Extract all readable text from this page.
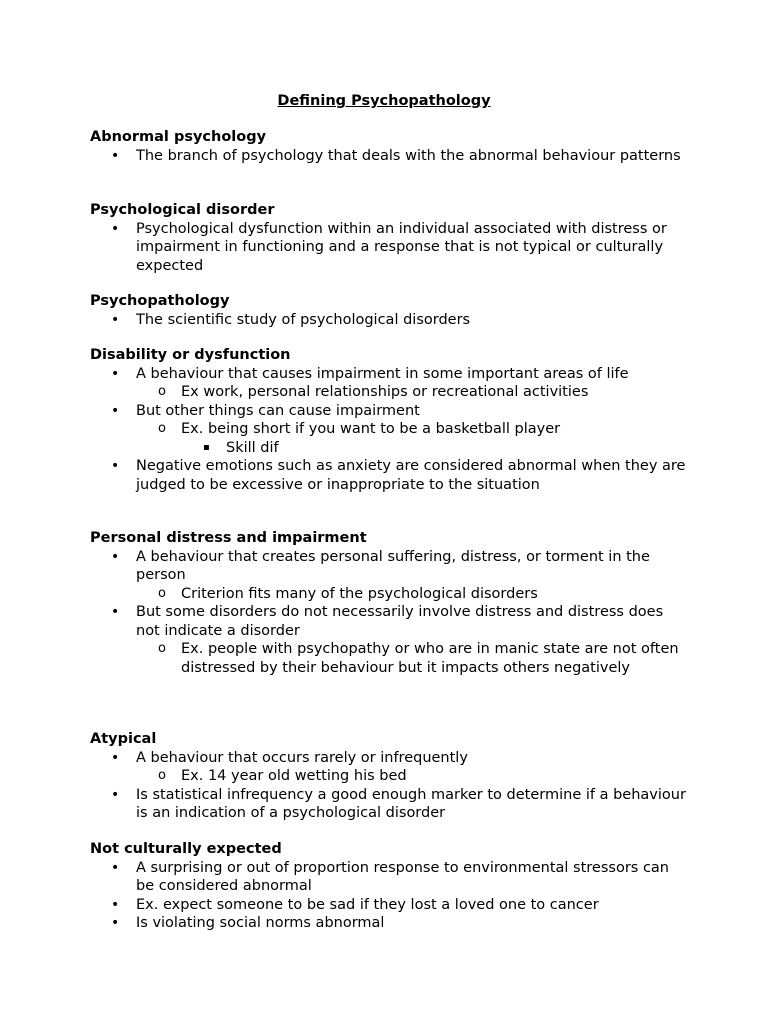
Defining Psychopathology
Abnormal psychology
• The branch of psychology that deals with the abnormal behaviour patterns
Psychological disorder
• Psychological dysfunction within an individual associated with distress or impairment in functioning and a response that is not typical or culturally expected
Psychopathology
• The scientific study of psychological disorders
Disability or dysfunction
• A behaviour that causes impairment in some important areas of life
o Ex work, personal relationships or recreational activities
• But other things can cause impairment
o Ex. being short if you want to be a basketball player
▪ Skill dif
• Negative emotions such as anxiety are considered abnormal when they are judged to be excessive or inappropriate to the situation
Personal distress and impairment
• A behaviour that creates personal suffering, distress, or torment in the person
o Criterion fits many of the psychological disorders
• But some disorders do not necessarily involve distress and distress does not indicate a disorder
o Ex. people with psychopathy or who are in manic state are not often distressed by their behaviour but it impacts others negatively
Atypical
• A behaviour that occurs rarely or infrequently
o Ex. 14 year old wetting his bed
• Is statistical infrequency a good enough marker to determine if a behaviour is an indication of a psychological disorder
Not culturally expected
• A surprising or out of proportion response to environmental stressors can be considered abnormal
• Ex. expect someone to be sad if they lost a loved one to cancer
• Is violating social norms abnormal
